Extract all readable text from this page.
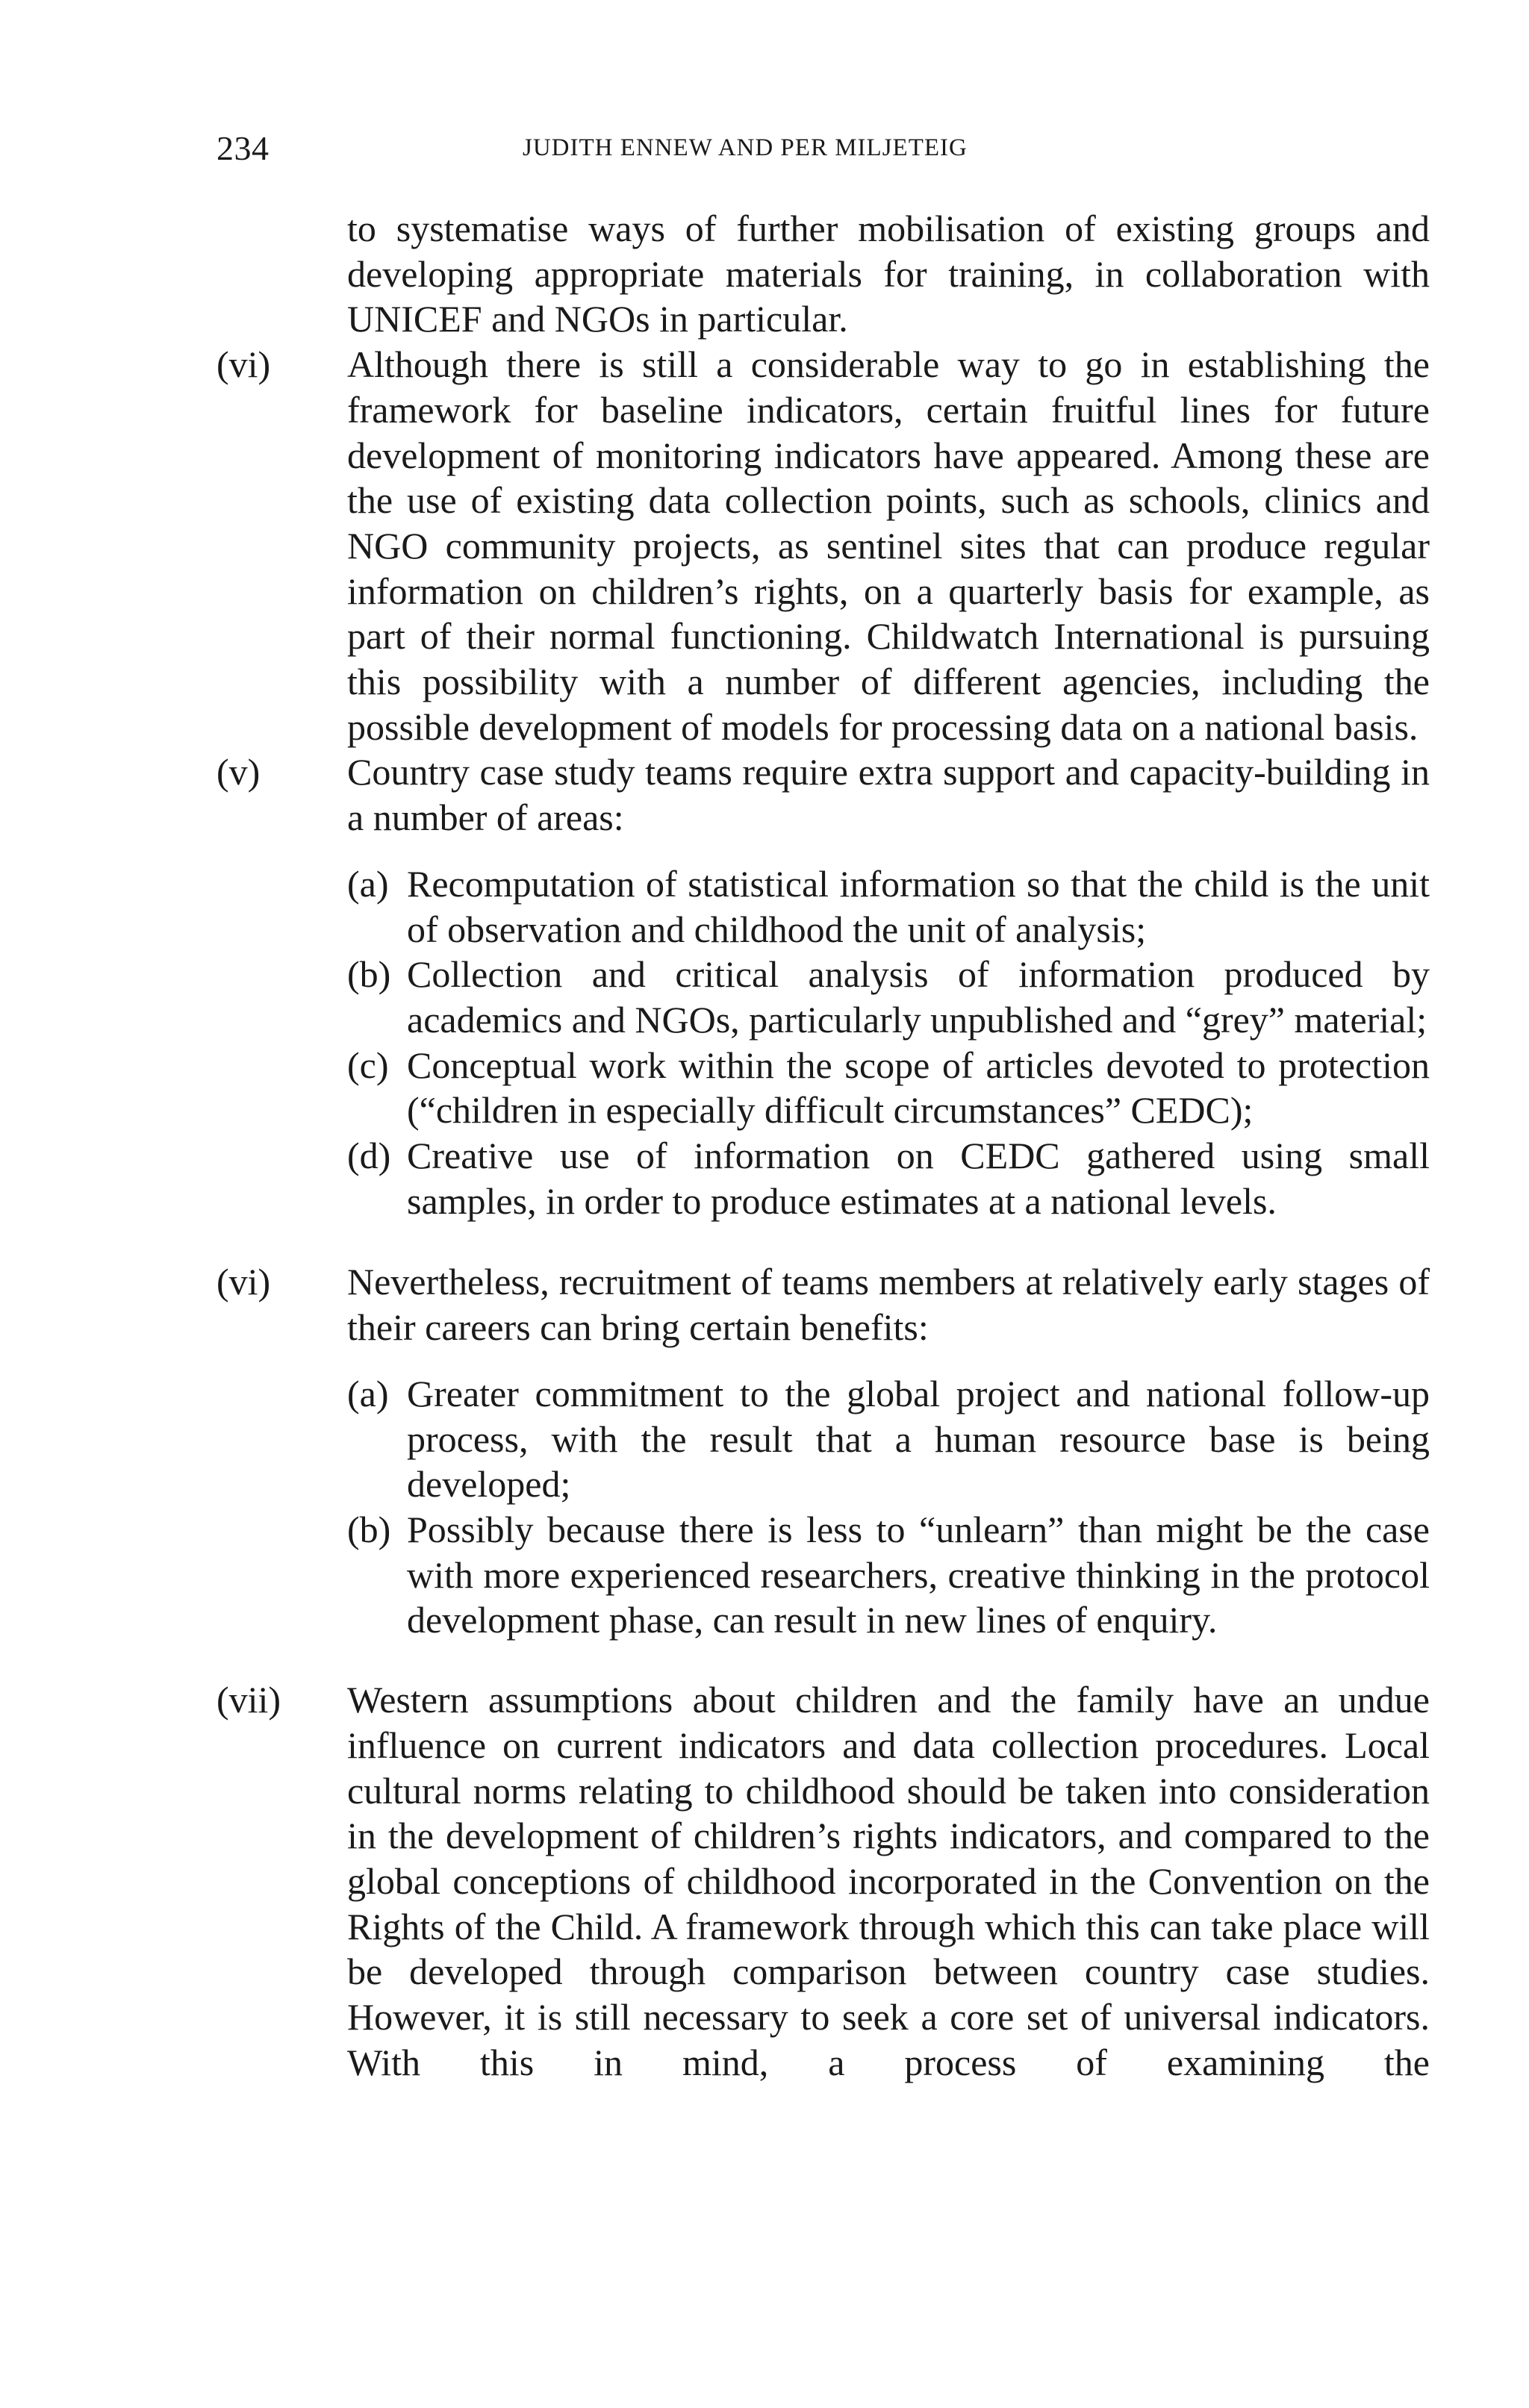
234	JUDITH ENNEW AND PER MILJETEIG
to systematise ways of further mobilisation of existing groups and developing appropriate materials for training, in collaboration with UNICEF and NGOs in particular.
(vi)	Although there is still a considerable way to go in establishing the framework for baseline indicators, certain fruitful lines for future development of monitoring indicators have appeared. Among these are the use of existing data collection points, such as schools, clinics and NGO community projects, as sentinel sites that can produce regular information on children’s rights, on a quarterly basis for example, as part of their normal functioning. Childwatch International is pursuing this possibility with a number of different agencies, including the possible development of models for processing data on a national basis.
(v)	Country case study teams require extra support and capacity-building in a number of areas:
(a) Recomputation of statistical information so that the child is the unit of observation and childhood the unit of analysis;
(b) Collection and critical analysis of information produced by academics and NGOs, particularly unpublished and “grey” material;
(c) Conceptual work within the scope of articles devoted to protection (“children in especially difficult circumstances” CEDC);
(d) Creative use of information on CEDC gathered using small samples, in order to produce estimates at a national levels.
(vi)	Nevertheless, recruitment of teams members at relatively early stages of their careers can bring certain benefits:
(a) Greater commitment to the global project and national follow-up process, with the result that a human resource base is being developed;
(b) Possibly because there is less to “unlearn” than might be the case with more experienced researchers, creative thinking in the protocol development phase, can result in new lines of enquiry.
(vii)	Western assumptions about children and the family have an undue influence on current indicators and data collection procedures. Local cultural norms relating to childhood should be taken into consideration in the development of children’s rights indicators, and compared to the global conceptions of childhood incorporated in the Convention on the Rights of the Child. A framework through which this can take place will be developed through comparison between country case studies. However, it is still necessary to seek a core set of universal indicators. With this in mind, a process of examining the
